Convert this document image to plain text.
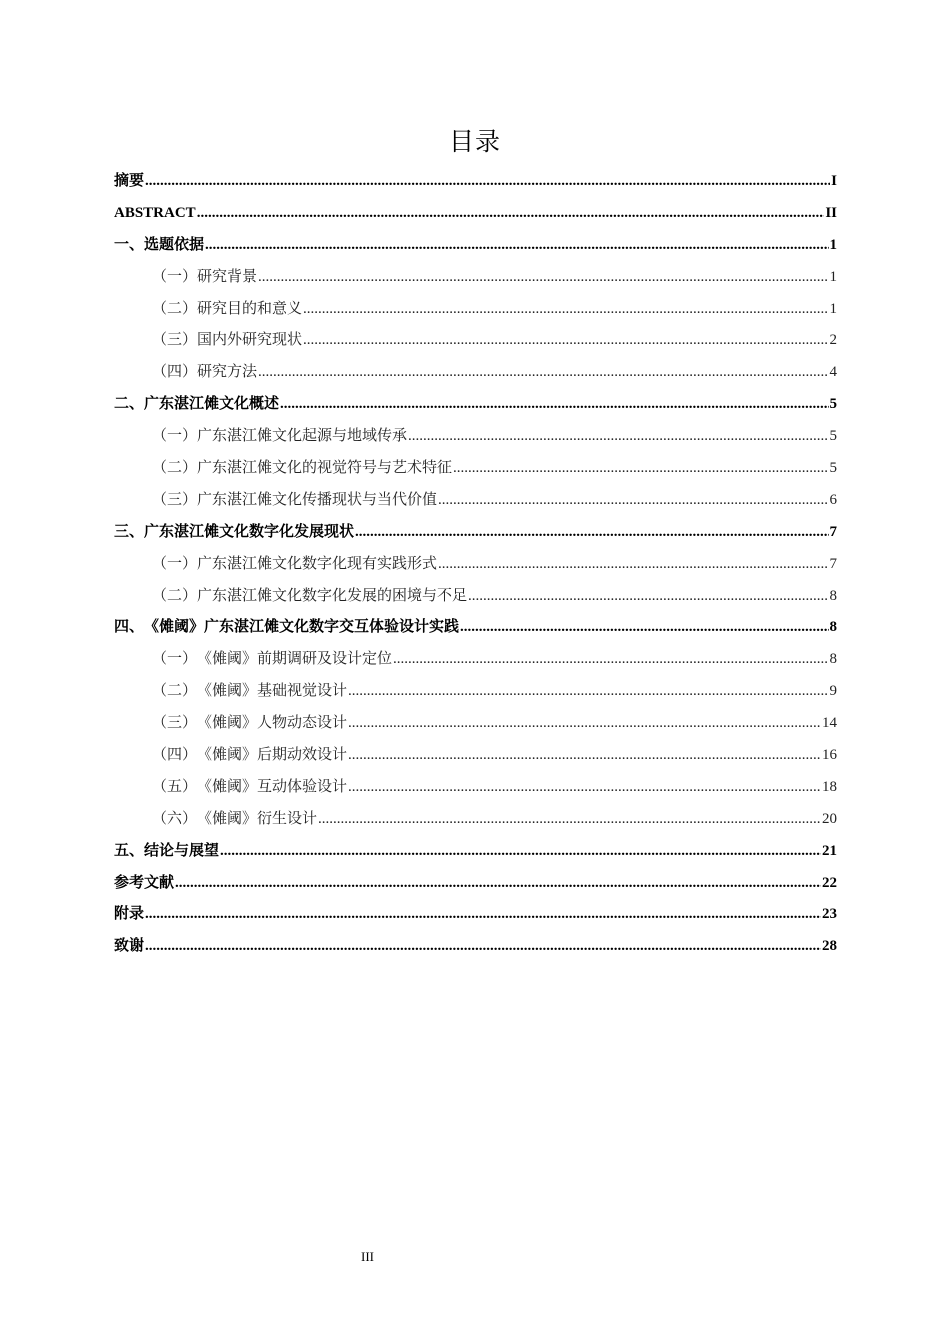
目录
摘要 .....	I
ABSTRACT .....	II
一、 选题依据 .....	1
（一） 研究背景 .....	1
（二） 研究目的和意义 .....	1
（三） 国内外研究现状 .....	2
（四） 研究方法 .....	4
二、 广东湛江傩文化概述 .....	5
（一） 广东湛江傩文化起源与地域传承 .....	5
（二） 广东湛江傩文化的视觉符号与艺术特征 .....	5
（三） 广东湛江傩文化传播现状与当代价值 .....	6
三、 广东湛江傩文化数字化发展现状 .....	7
（一） 广东湛江傩文化数字化现有实践形式 .....	7
（二） 广东湛江傩文化数字化发展的困境与不足 .....	8
四、 《傩阈》广东湛江傩文化数字交互体验设计实践 .....	8
（一） 《傩阈》前期调研及设计定位 .....	8
（二） 《傩阈》基础视觉设计 .....	9
（三） 《傩阈》人物动态设计 .....	14
（四） 《傩阈》后期动效设计 .....	16
（五） 《傩阈》互动体验设计 .....	18
（六） 《傩阈》衍生设计 .....	20
五、 结论与展望 .....	21
参考文献 .....	22
附录 .....	23
致谢 .....	28
III
